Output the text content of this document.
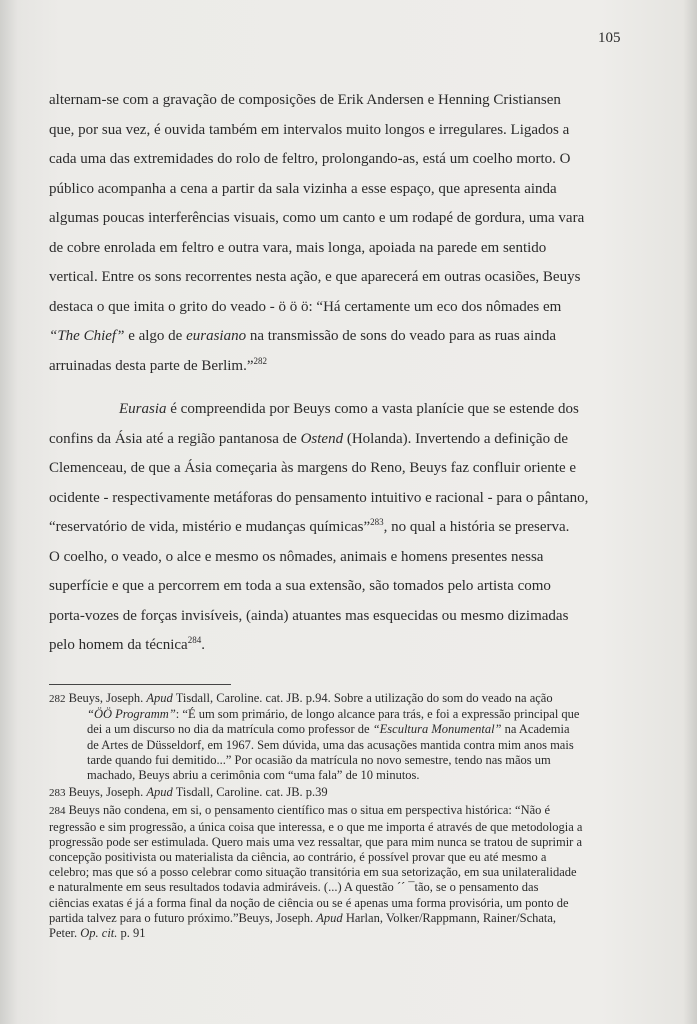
105

alternam-se com a gravação de composições de Erik Andersen e Henning Cristiansen
que, por sua vez, é ouvida também em intervalos muito longos e irregulares. Ligados a
cada uma das extremidades do rolo de feltro, prolongando-as, está um coelho morto. O
público acompanha a cena a partir da sala vizinha a esse espaço, que apresenta ainda
algumas poucas interferências visuais, como um canto e um rodapé de gordura, uma vara
de cobre enrolada em feltro e outra vara, mais longa, apoiada na parede em sentido
vertical. Entre os sons recorrentes nesta ação, e que aparecerá em outras ocasiões, Beuys
destaca o que imita o grito do veado - ö ö ö: “Há certamente um eco dos nômades em
“The Chief” e algo de eurasiano na transmissão de sons do veado para as ruas ainda
arruinadas desta parte de Berlim.”$^{282}$

Eurasia é compreendida por Beuys como a vasta planície que se estende dos
confins da Ásia até a região pantanosa de Ostend (Holanda). Invertendo a definição de
Clemenceau, de que a Ásia começaria às margens do Reno, Beuys faz confluir oriente e
ocidente - respectivamente metáforas do pensamento intuitivo e racional - para o pântano,
“reservatório de vida, mistério e mudanças químicas”$^{283}$, no qual a história se preserva.
O coelho, o veado, o alce e mesmo os nômades, animais e homens presentes nessa
superfície e que a percorrem em toda a sua extensão, são tomados pelo artista como
porta-vozes de forças invisíveis, (ainda) atuantes mas esquecidas ou mesmo dizimadas
pelo homem da técnica$^{284}$.

282 Beuys, Joseph. Apud Tisdall, Caroline. cat. JB. p.94. Sobre a utilização do som do veado na ação
“ÖÖ Programm”: “É um som primário, de longo alcance para trás, e foi a expressão principal que
dei a um discurso no dia da matrícula como professor de “Escultura Monumental” na Academia
de Artes de Düsseldorf, em 1967. Sem dúvida, uma das acusações mantida contra mim anos mais
tarde quando fui demitido...” Por ocasião da matrícula no novo semestre, tendo nas mãos um
machado, Beuys abriu a cerimônia com “uma fala” de 10 minutos.
283 Beuys, Joseph. Apud Tisdall, Caroline. cat. JB. p.39
284 Beuys não condena, em si, o pensamento científico mas o situa em perspectiva histórica: “Não é
regressão e sim progressão, a única coisa que interessa, e o que me importa é através de que metodologia a
progressão pode ser estimulada. Quero mais uma vez ressaltar, que para mim nunca se tratou de suprimir a
concepção positivista ou materialista da ciência, ao contrário, é possível provar que eu até mesmo a
celebro; mas que só a posso celebrar como situação transitória em sua setorização, em sua unilateralidade
e naturalmente em seus resultados todavia admiráveis. (...) A questão ´´ ¯tão, se o pensamento das
ciências exatas é já a forma final da noção de ciência ou se é apenas uma forma provisória, um ponto de
partida talvez para o futuro próximo.”Beuys, Joseph. Apud Harlan, Volker/Rappmann, Rainer/Schata,
Peter. Op. cit. p. 91
